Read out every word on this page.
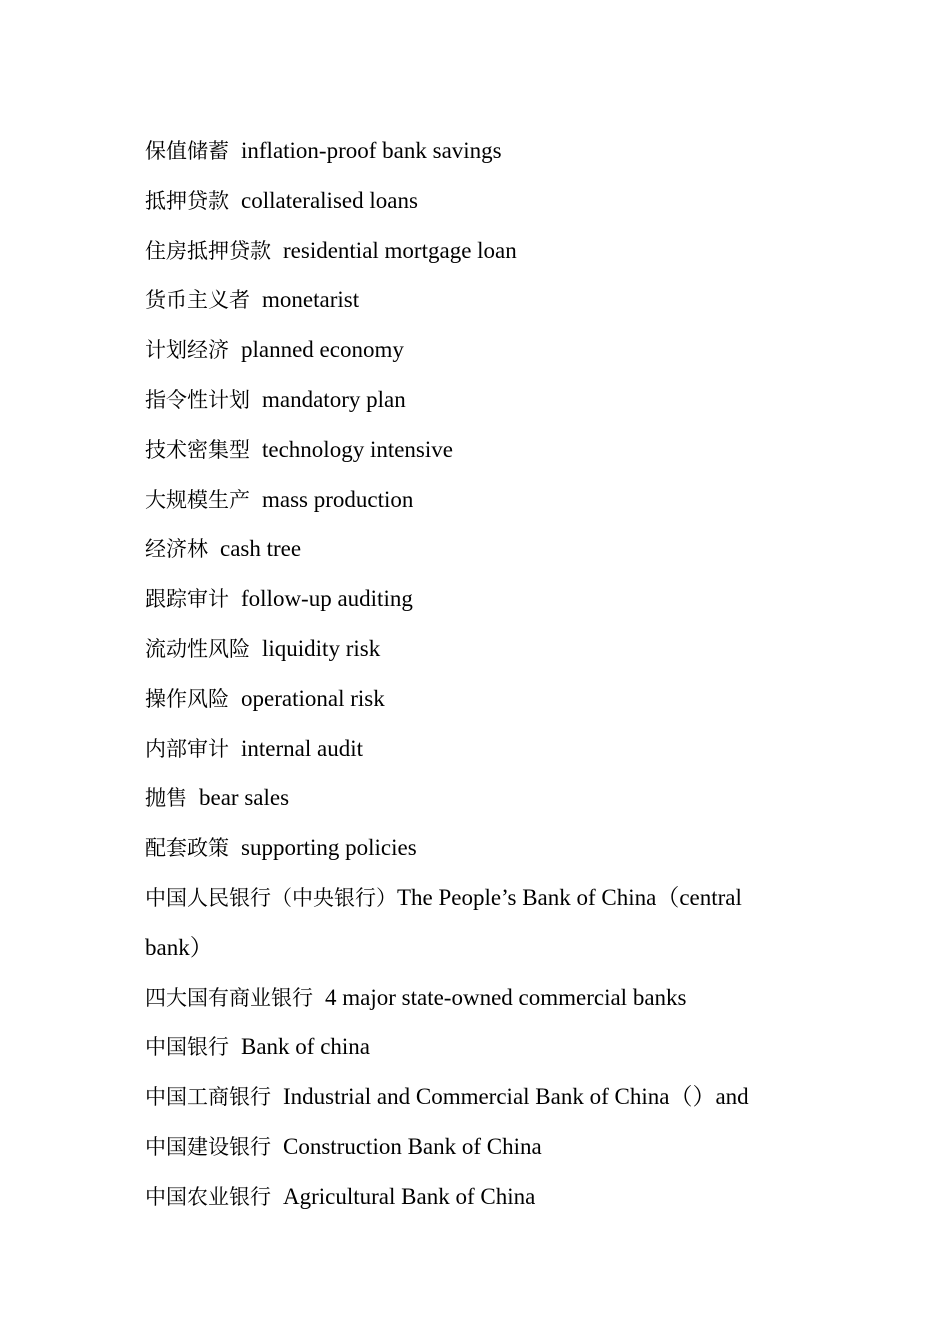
保值储蓄 inflation-proof bank savings
抵押贷款 collateralised loans
住房抵押贷款 residential mortgage loan
货币主义者 monetarist
计划经济 planned economy
指令性计划 mandatory plan
技术密集型 technology intensive
大规模生产 mass production
经济林 cash tree
跟踪审计 follow-up auditing
流动性风险 liquidity risk
操作风险 operational risk
内部审计 internal audit
抛售 bear sales
配套政策 supporting policies
中国人民银行（中央银行）The People’s Bank of China（central
bank）
四大国有商业银行 4 major state-owned commercial banks
中国银行 Bank of china
中国工商银行 Industrial and Commercial Bank of China（）and
中国建设银行 Construction Bank of China
中国农业银行 Agricultural Bank of China
